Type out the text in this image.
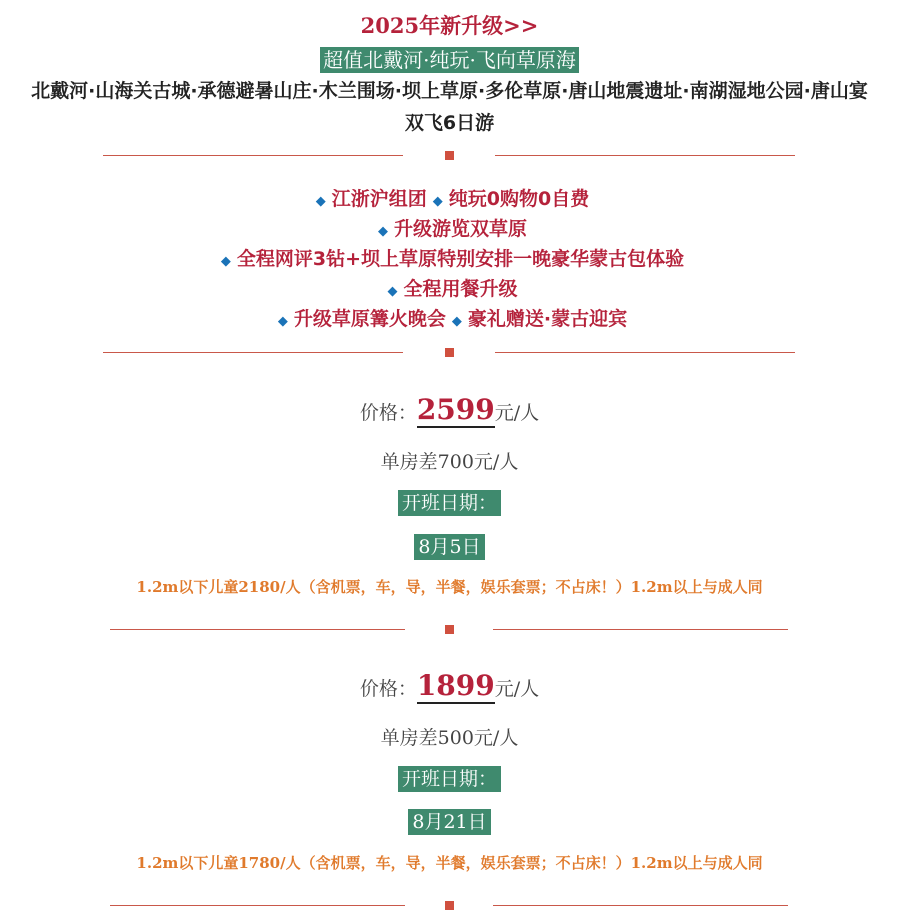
2025年新升级>>
超值北戴河·纯玩·飞向草原海
北戴河·山海关古城·承德避暑山庄·木兰围场·坝上草原·多伦草原·唐山地震遗址·南湖湿地公园·唐山宴
双飞6日游
◆ 江浙沪组团 ◆ 纯玩0购物0自费
◆ 升级游览双草原
◆ 全程网评3钻+坝上草原特别安排一晚豪华蒙古包体验
◆ 全程用餐升级
◆ 升级草原篝火晚会 ◆ 豪礼赠送·蒙古迎宾
价格：2599元/人
单房差700元/人
开班日期：
8月5日
1.2m以下儿童2180/人（含机票，车，导，半餐，娱乐套票；不占床！）1.2m以上与成人同
价格：1899元/人
单房差500元/人
开班日期：
8月21日
1.2m以下儿童1780/人（含机票，车，导，半餐，娱乐套票；不占床！）1.2m以上与成人同
